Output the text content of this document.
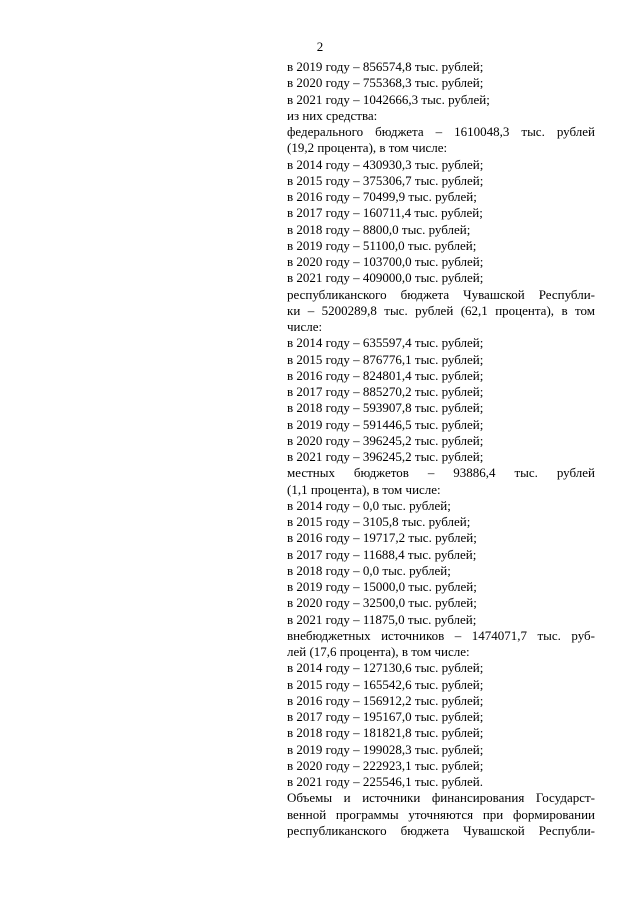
2
в 2019 году – 856574,8 тыс. рублей;
в 2020 году – 755368,3 тыс. рублей;
в 2021 году – 1042666,3 тыс. рублей;
из них средства:
федерального бюджета – 1610048,3 тыс. рублей
(19,2 процента), в том числе:
в 2014 году – 430930,3 тыс. рублей;
в 2015 году – 375306,7 тыс. рублей;
в 2016 году – 70499,9 тыс. рублей;
в 2017 году – 160711,4 тыс. рублей;
в 2018 году – 8800,0 тыс. рублей;
в 2019 году – 51100,0 тыс. рублей;
в 2020 году – 103700,0 тыс. рублей;
в 2021 году – 409000,0 тыс. рублей;
республиканского бюджета Чувашской Республи-
ки – 5200289,8 тыс. рублей (62,1 процента), в том
числе:
в 2014 году – 635597,4 тыс. рублей;
в 2015 году – 876776,1 тыс. рублей;
в 2016 году – 824801,4 тыс. рублей;
в 2017 году – 885270,2 тыс. рублей;
в 2018 году – 593907,8 тыс. рублей;
в 2019 году – 591446,5 тыс. рублей;
в 2020 году – 396245,2 тыс. рублей;
в 2021 году – 396245,2 тыс. рублей;
местных бюджетов – 93886,4 тыс. рублей
(1,1 процента), в том числе:
в 2014 году – 0,0 тыс. рублей;
в 2015 году – 3105,8 тыс. рублей;
в 2016 году – 19717,2 тыс. рублей;
в 2017 году – 11688,4 тыс. рублей;
в 2018 году – 0,0 тыс. рублей;
в 2019 году – 15000,0 тыс. рублей;
в 2020 году – 32500,0 тыс. рублей;
в 2021 году – 11875,0 тыс. рублей;
внебюджетных источников – 1474071,7 тыс. руб-
лей (17,6 процента), в том числе:
в 2014 году – 127130,6 тыс. рублей;
в 2015 году – 165542,6 тыс. рублей;
в 2016 году – 156912,2 тыс. рублей;
в 2017 году – 195167,0 тыс. рублей;
в 2018 году – 181821,8 тыс. рублей;
в 2019 году – 199028,3 тыс. рублей;
в 2020 году – 222923,1 тыс. рублей;
в 2021 году – 225546,1 тыс. рублей.
Объемы и источники финансирования Государст-
венной программы уточняются при формировании
республиканского бюджета Чувашской Республи-
